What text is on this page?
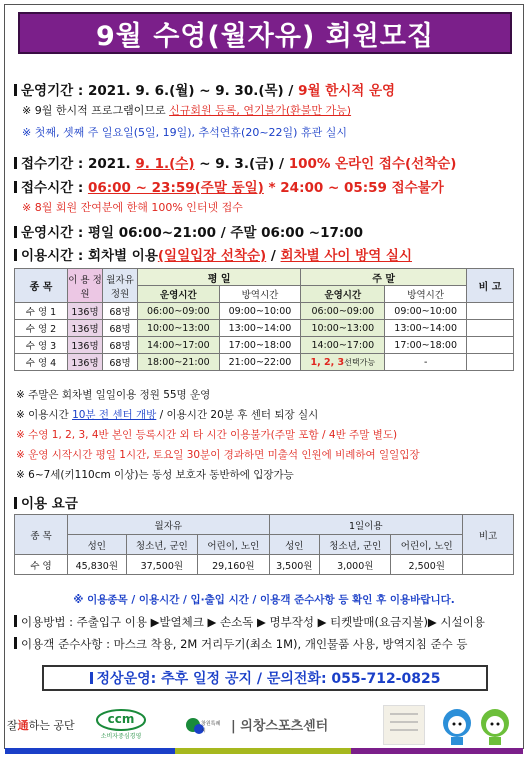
9월 수영(월자유) 회원모집
운영기간 : 2021. 9. 6.(월) ~ 9. 30.(목) / 9월 한시적 운영
※ 9월 한시적 프로그램이므로 신규회원 등록, 연기불가(환불만 가능)
※ 첫째, 셋째 주 일요일(5일, 19일), 추석연휴(20~22일) 휴관 실시
접수기간 : 2021. 9. 1.(수) ~ 9. 3.(금) / 100% 온라인 접수(선착순)
접수시간 : 06:00 ~ 23:59(주말 동일) * 24:00 ~ 05:59 접수불가
※ 8월 회원 잔여분에 한해 100% 인터넷 접수
운영시간 : 평일 06:00~21:00 / 주말 06:00 ~17:00
이용시간 : 회차별 이용(일일입장 선착순) / 회차별 사이 방역 실시
종 목	이 용 정 원	월자유 정원	평 일		주 말		비 고
			운영시간	방역시간	운영시간	방역시간	
수 영 1	136명	68명	06:00~09:00	09:00~10:00	06:00~09:00	09:00~10:00	
수 영 2	136명	68명	10:00~13:00	13:00~14:00	10:00~13:00	13:00~14:00	
수 영 3	136명	68명	14:00~17:00	17:00~18:00	14:00~17:00	17:00~18:00	
수 영 4	136명	68명	18:00~21:00	21:00~22:00	1, 2, 3선택가능	-	
※ 주말은 회차별 일일이용 정원 55명 운영
※ 이용시간 10분 전 센터 개방 / 이용시간 20분 후 센터 퇴장 실시
※ 수영 1, 2, 3, 4반 본인 등록시간 외 타 시간 이용불가(주말 포함 / 4반 주말 별도)
※ 운영 시작시간 평일 1시간, 토요일 30분이 경과하면 미출석 인원에 비례하여 일일입장
※ 6~7세(키110cm 이상)는 동성 보호자 동반하에 입장가능
이용 요금
종 목	월자유			1일이용			비고
	성인	청소년, 군인	어린이, 노인	성인	청소년, 군인	어린이, 노인	
수 영	45,830원	37,500원	29,160원	3,500원	3,000원	2,500원	
※ 이용종목 / 이용시간 / 입·출입 시간 / 이용객 준수사항 등 확인 후 이용바랍니다.
이용방법 : 주출입구 이용 ▶발열체크 ▶ 손소독 ▶ 명부작성 ▶ 티켓발매(요금지불)▶ 시설이용
이용객 준수사항 : 마스크 착용, 2M 거리두기(최소 1M), 개인물품 사용, 방역지침 준수 등
정상운영: 추후 일정 공지 / 문의전화: 055-712-0825
잘通하는 공단	ccm
소비자중심경영
창원특례시	| 의창스포츠센터
